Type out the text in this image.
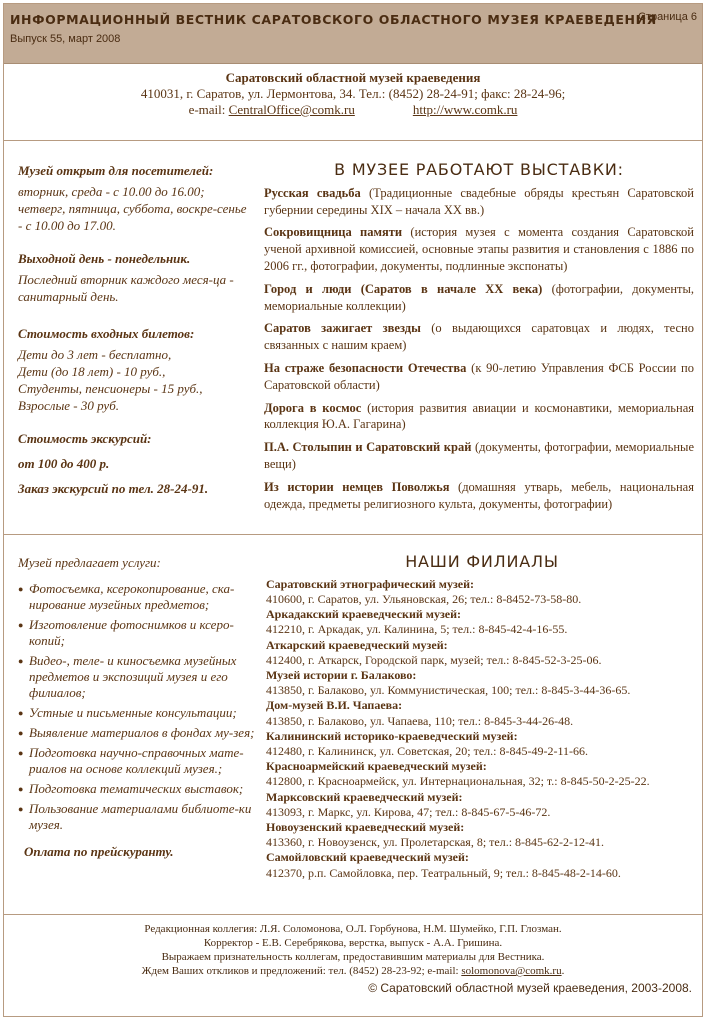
ИНФОРМАЦИОННЫЙ ВЕСТНИК САРАТОВСКОГО ОБЛАСТНОГО МУЗЕЯ КРАЕВЕДЕНИЯ
Выпуск 55, март 2008
Страница 6
Саратовский областной музей краеведения
410031, г. Саратов, ул. Лермонтова, 34. Тел.: (8452) 28-24-91; факс: 28-24-96;
e-mail: CentralOffice@comk.ru	http://www.comk.ru

Музей открыт для посетителей:

вторник, среда - с 10.00 до 16.00; четверг, пятница, суббота, воскре-сенье - с 10.00 до 17.00.

Выходной день - понедельник.

Последний вторник каждого меся-ца - санитарный день.

Стоимость входных билетов:

Дети до 3 лет - бесплатно,

Дети (до 18 лет) - 10 руб.,

Студенты, пенсионеры - 15 руб.,

Взрослые - 30 руб.

Стоимость экскурсий:

от 100 до 400 р.

Заказ экскурсий по тел. 28-24-91.

В МУЗЕЕ РАБОТАЮТ ВЫСТАВКИ:

Русская свадьба (Традиционные свадебные обряды крестьян Саратовской губернии середины XIX – начала XX вв.)

Сокровищница памяти (история музея с момента создания Саратовской ученой архивной комиссией, основные этапы развития и становления с 1886 по 2006 гг., фотографии, документы, подлинные экспонаты)

Город и люди (Саратов в начале XX века) (фотографии, документы, мемориальные коллекции)

Саратов зажигает звезды (о выдающихся саратовцах и людях, тесно связанных с нашим краем)

На страже безопасности Отечества (к 90-летию Управления ФСБ России по Саратовской области)

Дорога в космос (история развития авиации и космонавтики, мемориальная коллекция Ю.А. Гагарина)

П.А. Столыпин и Саратовский край (документы, фотографии, мемориальные вещи)

Из истории немцев Поволжья (домашняя утварь, мебель, национальная одежда, предметы религиозного культа, документы, фотографии)

Музей предлагает услуги:

● Фотосъемка, ксерокопирование, ска-нирование музейных предметов;
● Изготовление фотоснимков и ксеро-копий;
● Видео-, теле- и киносъемка музейных предметов и экспозиций музея и его филиалов;
● Устные и письменные консультации;
● Выявление материалов в фондах му-зея;
● Подготовка научно-справочных мате-риалов на основе коллекций музея.;
● Подготовка тематических выставок;
● Пользование материалами библиоте-ки музея.

Оплата по прейскуранту.

НАШИ ФИЛИАЛЫ
Саратовский этнографический музей:
410600, г. Саратов, ул. Ульяновская, 26; тел.: 8-8452-73-58-80.
Аркадакский краеведческий музей:
412210, г. Аркадак, ул. Калинина, 5; тел.: 8-845-42-4-16-55.
Аткарский краеведческий музей:
412400, г. Аткарск, Городской парк, музей; тел.: 8-845-52-3-25-06.
Музей истории г. Балаково:
413850, г. Балаково, ул. Коммунистическая, 100; тел.: 8-845-3-44-36-65.
Дом-музей В.И. Чапаева:
413850, г. Балаково, ул. Чапаева, 110; тел.: 8-845-3-44-26-48.
Калининский историко-краеведческий музей:
412480, г. Калининск, ул. Советская, 20; тел.: 8-845-49-2-11-66.
Красноармейский краеведческий музей:
412800, г. Красноармейск, ул. Интернациональная, 32; т.: 8-845-50-2-25-22.
Марксовский краеведческий музей:
413093, г. Маркс, ул. Кирова, 47; тел.: 8-845-67-5-46-72.
Новоузенский краеведческий музей:
413360, г. Новоузенск, ул. Пролетарская, 8; тел.: 8-845-62-2-12-41.
Самойловский краеведческий музей:
412370, р.п. Самойловка, пер. Театральный, 9; тел.: 8-845-48-2-14-60.
Редакционная коллегия: Л.Я. Соломонова, О.Л. Горбунова, Н.М. Шумейко, Г.П. Глозман.
Корректор - Е.В. Серебрякова, верстка, выпуск - А.А. Гришина.
Выражаем признательность коллегам, предоставившим материалы для Вестника.
Ждем Ваших откликов и предложений: тел. (8452) 28-23-92; e-mail: solomonova@comk.ru.
© Саратовский областной музей краеведения, 2003-2008.
